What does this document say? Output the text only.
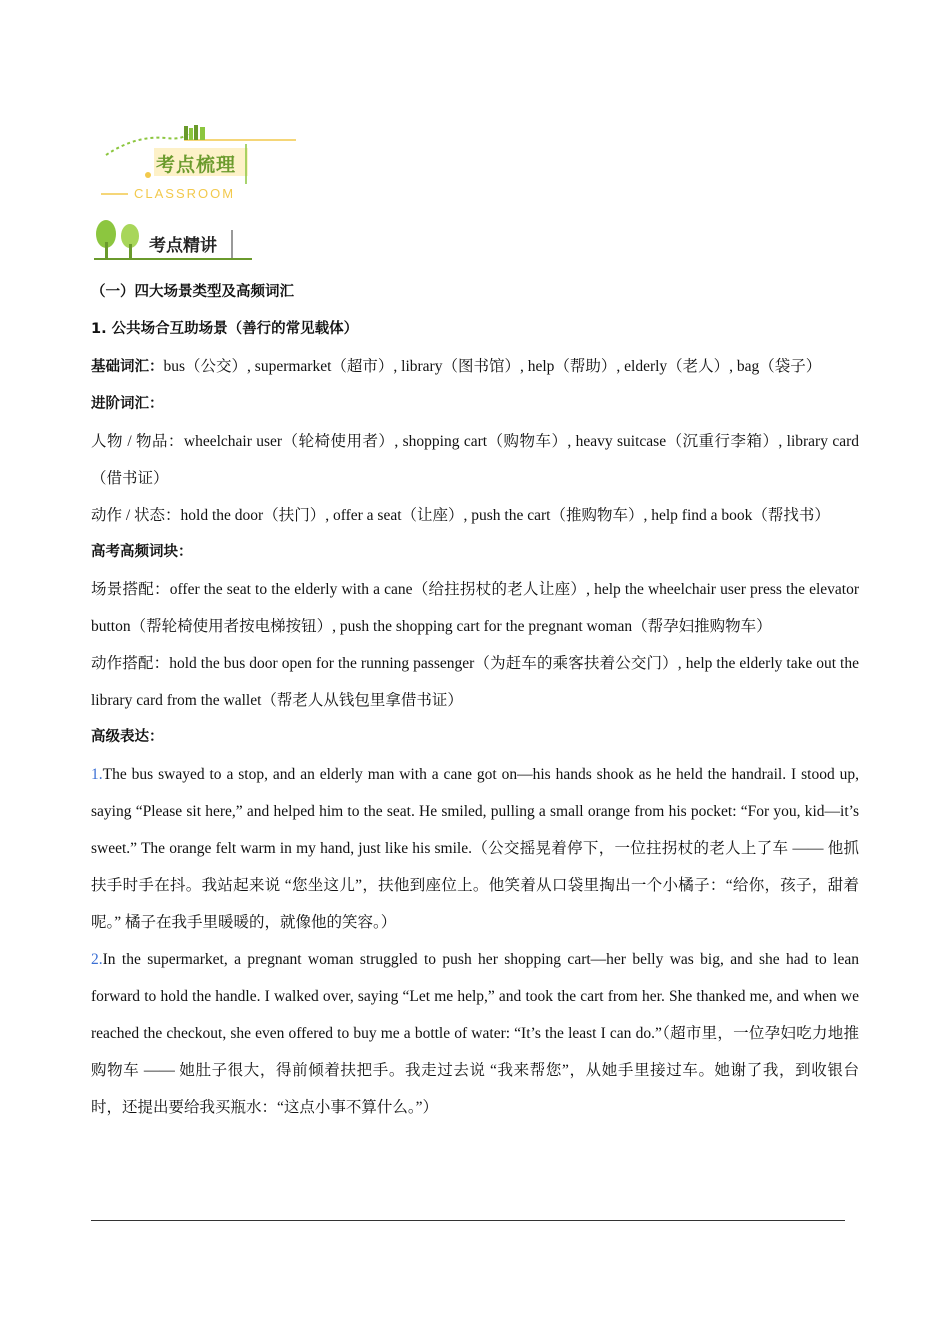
考点梳理
CLASSROOM
考点精讲

（一）四大场景类型及高频词汇

1. 公共场合互助场景（善行的常见载体）

基础词汇：bus（公交）, supermarket（超市）, library（图书馆）, help（帮助）, elderly（老人）, bag（袋子）

进阶词汇：

人物 / 物品：wheelchair user（轮椅使用者）, shopping cart（购物车）, heavy suitcase（沉重行李箱）, library card（借书证）

动作 / 状态：hold the door（扶门）, offer a seat（让座）, push the cart（推购物车）, help find a book（帮找书）

高考高频词块：

场景搭配：offer the seat to the elderly with a cane（给拄拐杖的老人让座）, help the wheelchair user press the elevator button（帮轮椅使用者按电梯按钮）, push the shopping cart for the pregnant woman（帮孕妇推购物车）

动作搭配：hold the bus door open for the running passenger（为赶车的乘客扶着公交门）, help the elderly take out the library card from the wallet（帮老人从钱包里拿借书证）

高级表达：

1.The bus swayed to a stop, and an elderly man with a cane got on—his hands shook as he held the handrail. I stood up, saying “Please sit here,” and helped him to the seat. He smiled, pulling a small orange from his pocket: “For you, kid—it’s sweet.” The orange felt warm in my hand, just like his smile.（公交摇晃着停下，一位拄拐杖的老人上了车 —— 他抓扶手时手在抖。我站起来说 “您坐这儿”，扶他到座位上。他笑着从口袋里掏出一个小橘子：“给你，孩子，甜着呢。” 橘子在我手里暖暖的，就像他的笑容。）

2.In the supermarket, a pregnant woman struggled to push her shopping cart—her belly was big, and she had to lean forward to hold the handle. I walked over, saying “Let me help,” and took the cart from her. She thanked me, and when we reached the checkout, she even offered to buy me a bottle of water: “It’s the least I can do.”（超市里，一位孕妇吃力地推购物车 —— 她肚子很大，得前倾着扶把手。我走过去说 “我来帮您”，从她手里接过车。她谢了我，到收银台时，还提出要给我买瓶水：“这点小事不算什么。”）
